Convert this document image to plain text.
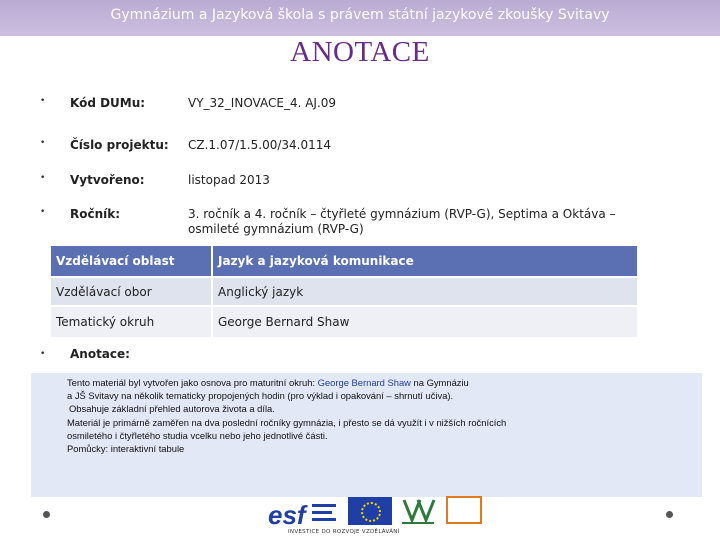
Gymnázium a Jazyková škola s právem státní jazykové zkoušky Svitavy
ANOTACE
• Kód DUMu:	VY_32_INOVACE_4. AJ.09
• Číslo projektu: CZ.1.07/1.5.00/34.0114
• Vytvořeno:	listopad 2013
• Ročník:	3. ročník a 4. ročník – čtyřleté gymnázium (RVP-G), Septima a Oktáva – osmileté gymnázium (RVP-G)
Vzdělávací oblast	Jazyk a jazyková komunikace
Vzdělávací obor	Anglický jazyk
Tematický okruh	George Bernard Shaw
• Anotace:
Tento materiál byl vytvořen jako osnova pro maturitní okruh: George Bernard Shaw na Gymnáziu
a JŠ Svitavy na několik tematicky propojených hodin (pro výklad i opakování – shrnutí učiva).
Obsahuje základní přehled autorova života a díla.
Materiál je primárně zaměřen na dva poslední ročníky gymnázia, i přesto se dá využít i v nižších ročnících
osmiletého i čtyřletého studia vcelku nebo jeho jednotlivé části.
Pomůcky: interaktivní tabule
esf
INVESTICE DO ROZVOJE VZDĚLÁVÁNÍ
